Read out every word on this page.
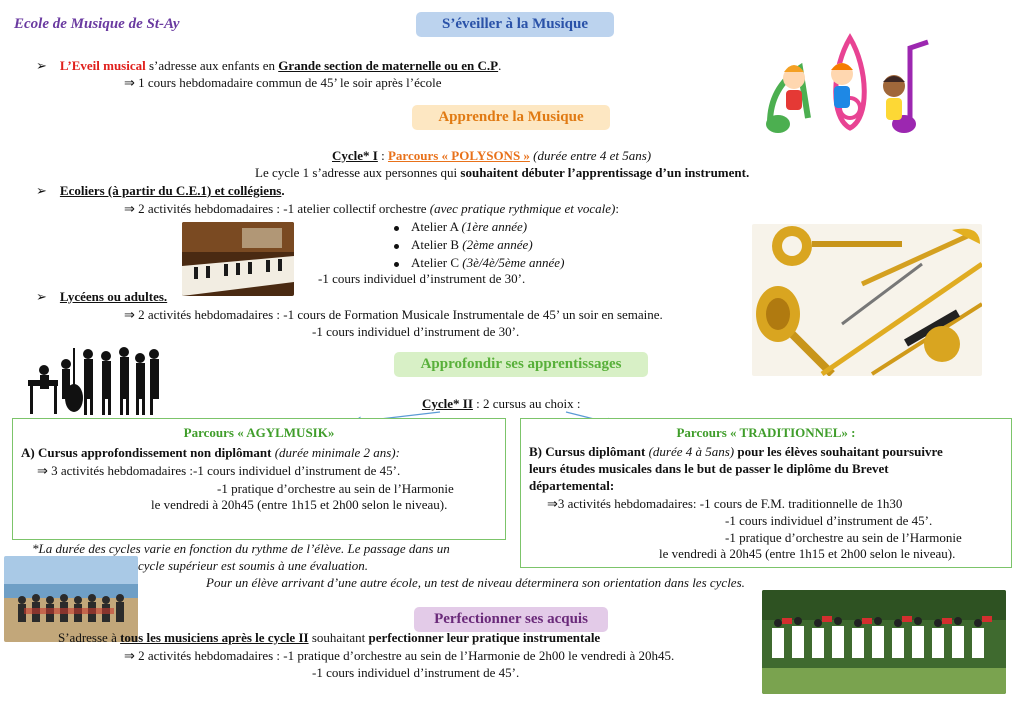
Ecole de Musique de St-Ay	S’éveiller à la Musique
➢ L’Eveil musical s’adresse aux enfants en Grande section de maternelle ou en C.P.
⇒ 1 cours hebdomadaire commun de 45’ le soir après l’école
Apprendre la Musique
Cycle* I : Parcours « POLYSONS » (durée entre 4 et 5ans)
Le cycle 1 s’adresse aux personnes qui souhaitent débuter l’apprentissage d’un instrument.
➢ Ecoliers (à partir du C.E.1) et collégiens.
⇒ 2 activités hebdomadaires : -1 atelier collectif orchestre (avec pratique rythmique et vocale):
Atelier A (1ère année)
Atelier B (2ème année)
Atelier C (3è/4è/5ème année)
-1 cours individuel d’instrument de 30’.
➢ Lycéens ou adultes.
⇒ 2 activités hebdomadaires : -1 cours de Formation Musicale Instrumentale de 45’ un soir en semaine.
-1 cours individuel d’instrument de 30’.
Approfondir ses apprentissages
Cycle* II : 2 cursus au choix :
Parcours « AGYLMUSIK»
A) Cursus approfondissement non diplômant (durée minimale 2 ans):
⇒ 3 activités hebdomadaires :-1 cours individuel d’instrument de 45’.
-1 pratique d’orchestre au sein de l’Harmonie
le vendredi à 20h45 (entre 1h15 et 2h00 selon le niveau).
Parcours « TRADITIONNEL» :
B) Cursus diplômant (durée 4 à 5ans) pour les élèves souhaitant poursuivre
leurs études musicales dans le but de passer le diplôme du Brevet
départemental:
⇒3 activités hebdomadaires: -1 cours de F.M. traditionnelle de 1h30
-1 cours individuel d’instrument de 45’.
-1 pratique d’orchestre au sein de l’Harmonie
le vendredi à 20h45 (entre 1h15 et 2h00 selon le niveau).
*La durée des cycles varie en fonction du rythme de l’élève. Le passage dans un
cycle supérieur est soumis à une évaluation.
Pour un élève arrivant d’une autre école, un test de niveau déterminera son orientation dans les cycles.
Perfectionner ses acquis
S’adresse à tous les musiciens après le cycle II souhaitant perfectionner leur pratique instrumentale
⇒ 2 activités hebdomadaires : -1 pratique d’orchestre au sein de l’Harmonie de 2h00 le vendredi à 20h45.
-1 cours individuel d’instrument de 45’.
